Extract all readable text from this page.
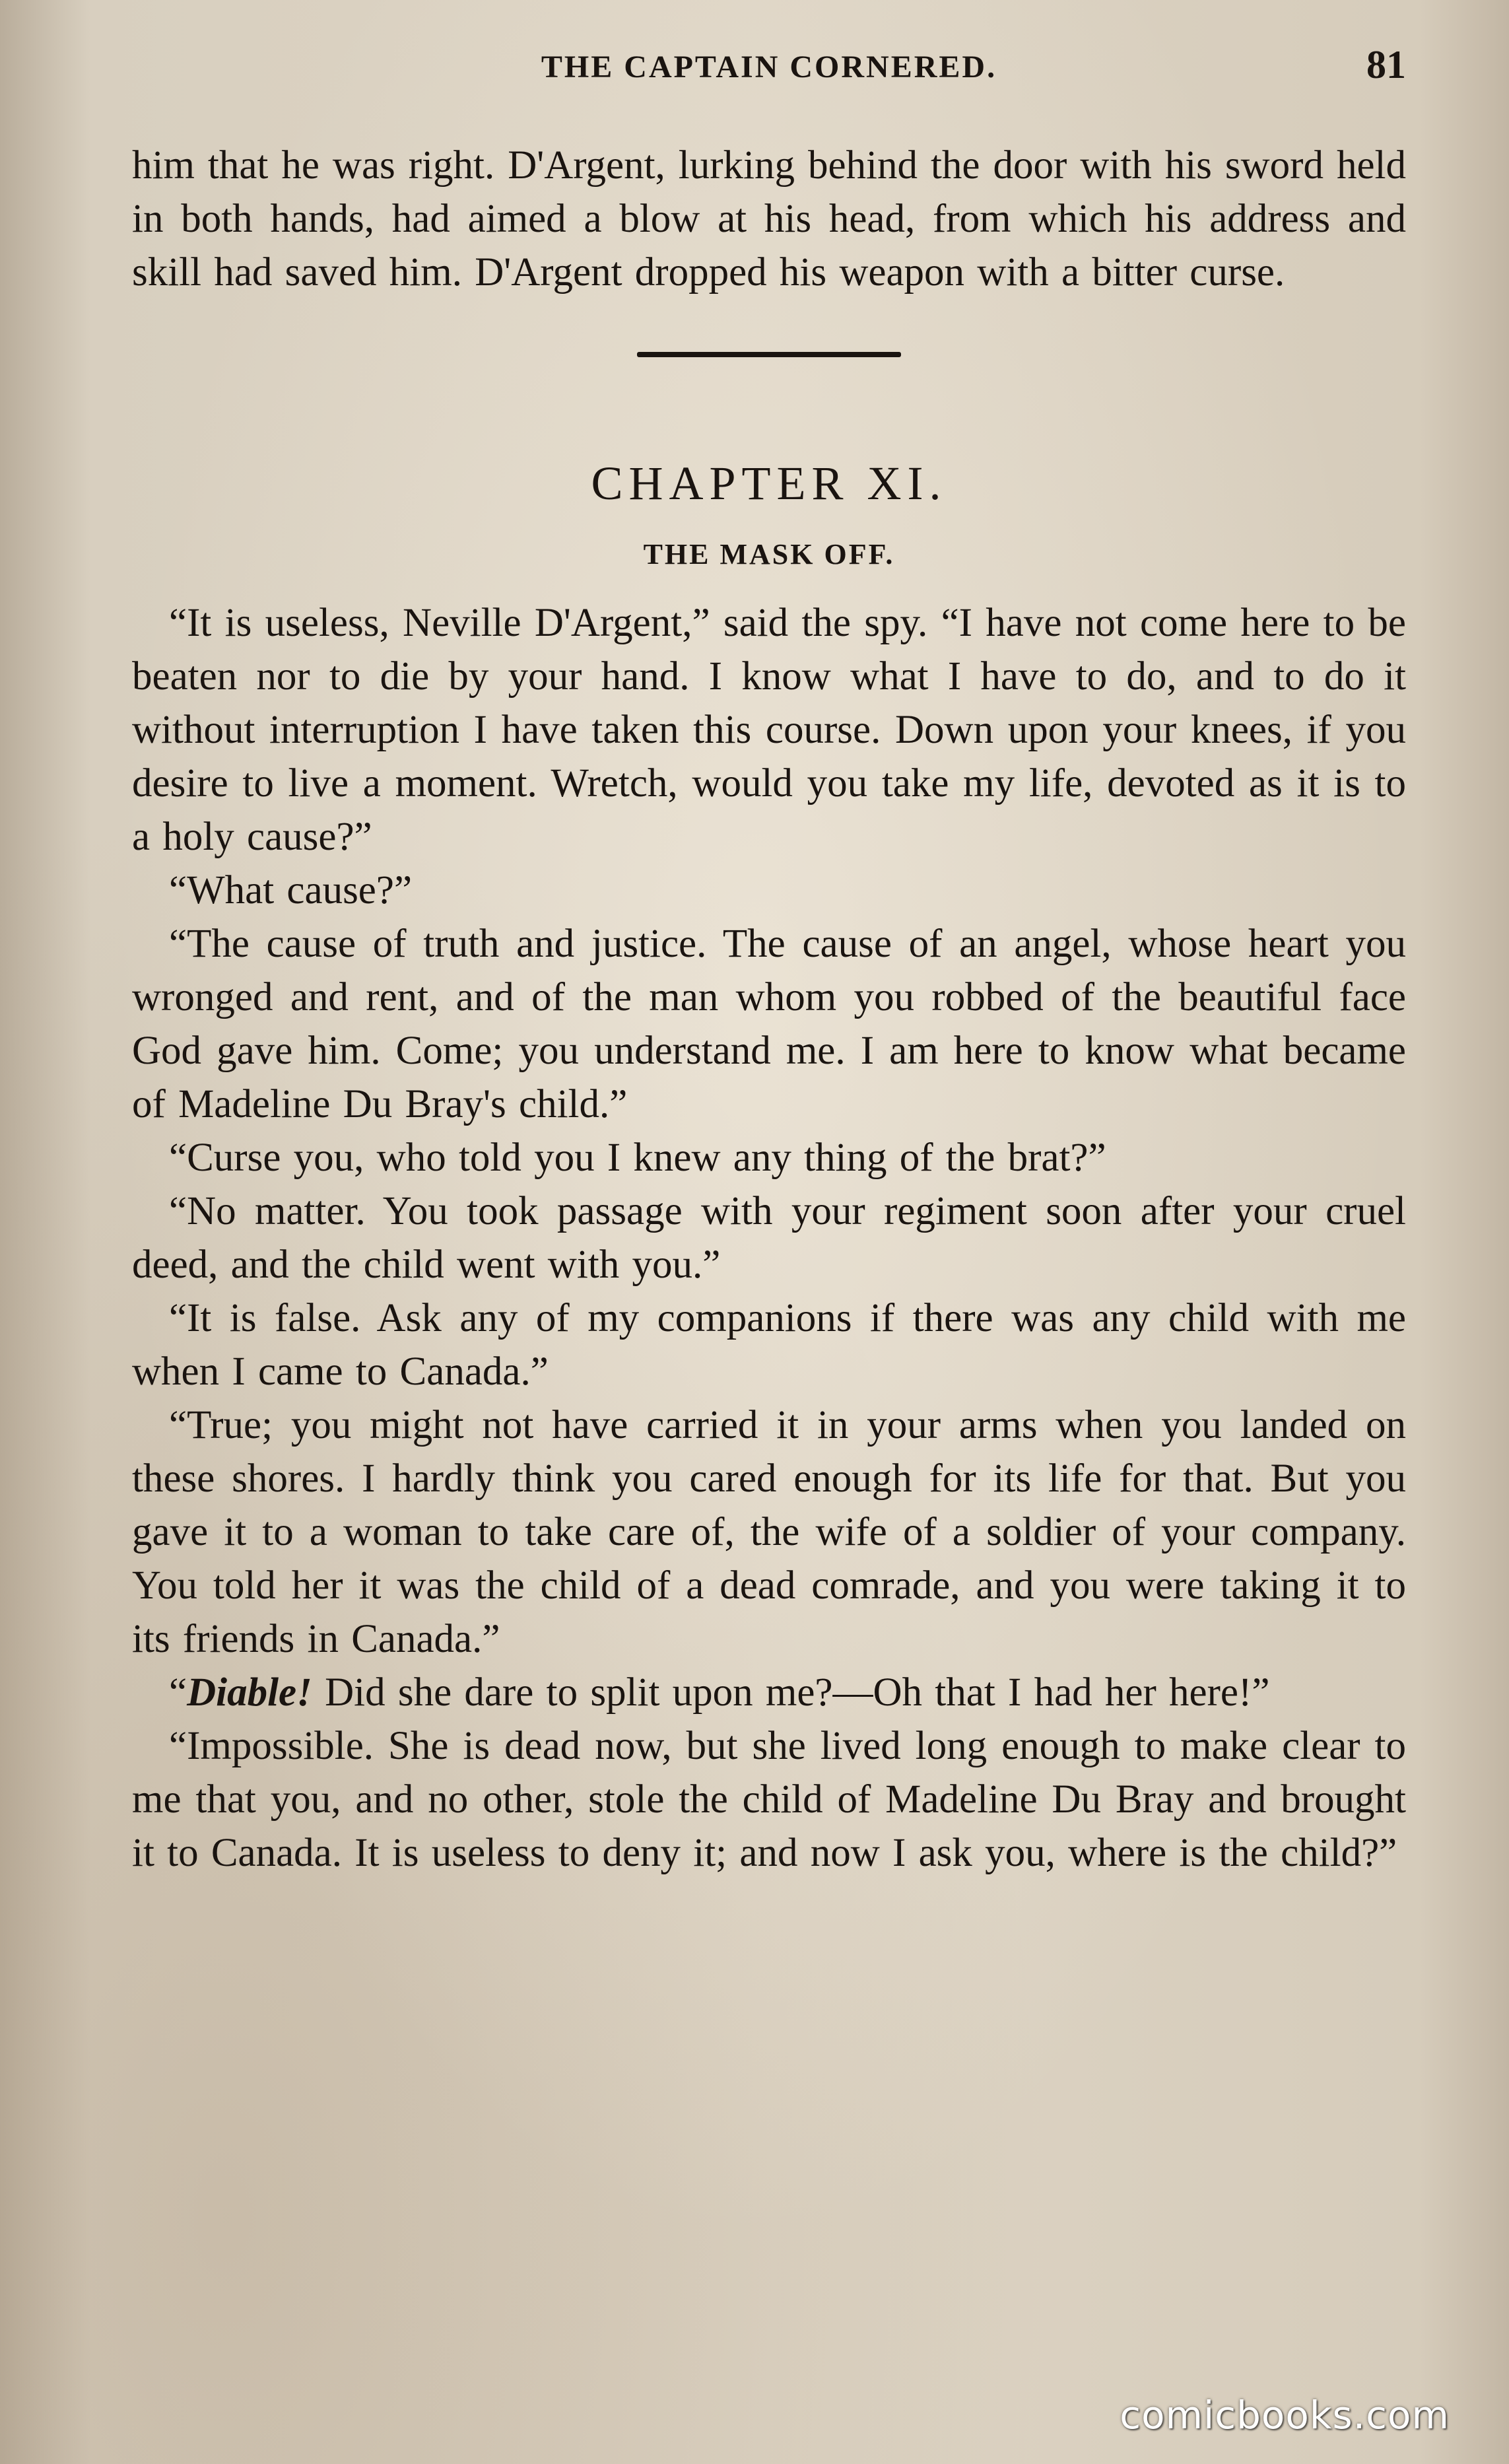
THE CAPTAIN CORNERED.	81

him that he was right. D'Argent, lurking behind the door with his sword held in both hands, had aimed a blow at his head, from which his address and skill had saved him. D'Argent dropped his weapon with a bitter curse.

CHAPTER XI.
THE MASK OFF.

“It is useless, Neville D'Argent,” said the spy. “I have not come here to be beaten nor to die by your hand. I know what I have to do, and to do it without interruption I have taken this course. Down upon your knees, if you desire to live a moment. Wretch, would you take my life, devoted as it is to a holy cause?”

“What cause?”

“The cause of truth and justice. The cause of an angel, whose heart you wronged and rent, and of the man whom you robbed of the beautiful face God gave him. Come; you understand me. I am here to know what became of Madeline Du Bray's child.”

“Curse you, who told you I knew any thing of the brat?”

“No matter. You took passage with your regiment soon after your cruel deed, and the child went with you.”

“It is false. Ask any of my companions if there was any child with me when I came to Canada.”

“True; you might not have carried it in your arms when you landed on these shores. I hardly think you cared enough for its life for that. But you gave it to a woman to take care of, the wife of a soldier of your company. You told her it was the child of a dead comrade, and you were taking it to its friends in Canada.”

“Diable! Did she dare to split upon me?—Oh that I had her here!”

“Impossible. She is dead now, but she lived long enough to make clear to me that you, and no other, stole the child of Madeline Du Bray and brought it to Canada. It is useless to deny it; and now I ask you, where is the child?”

comicbooks.com
